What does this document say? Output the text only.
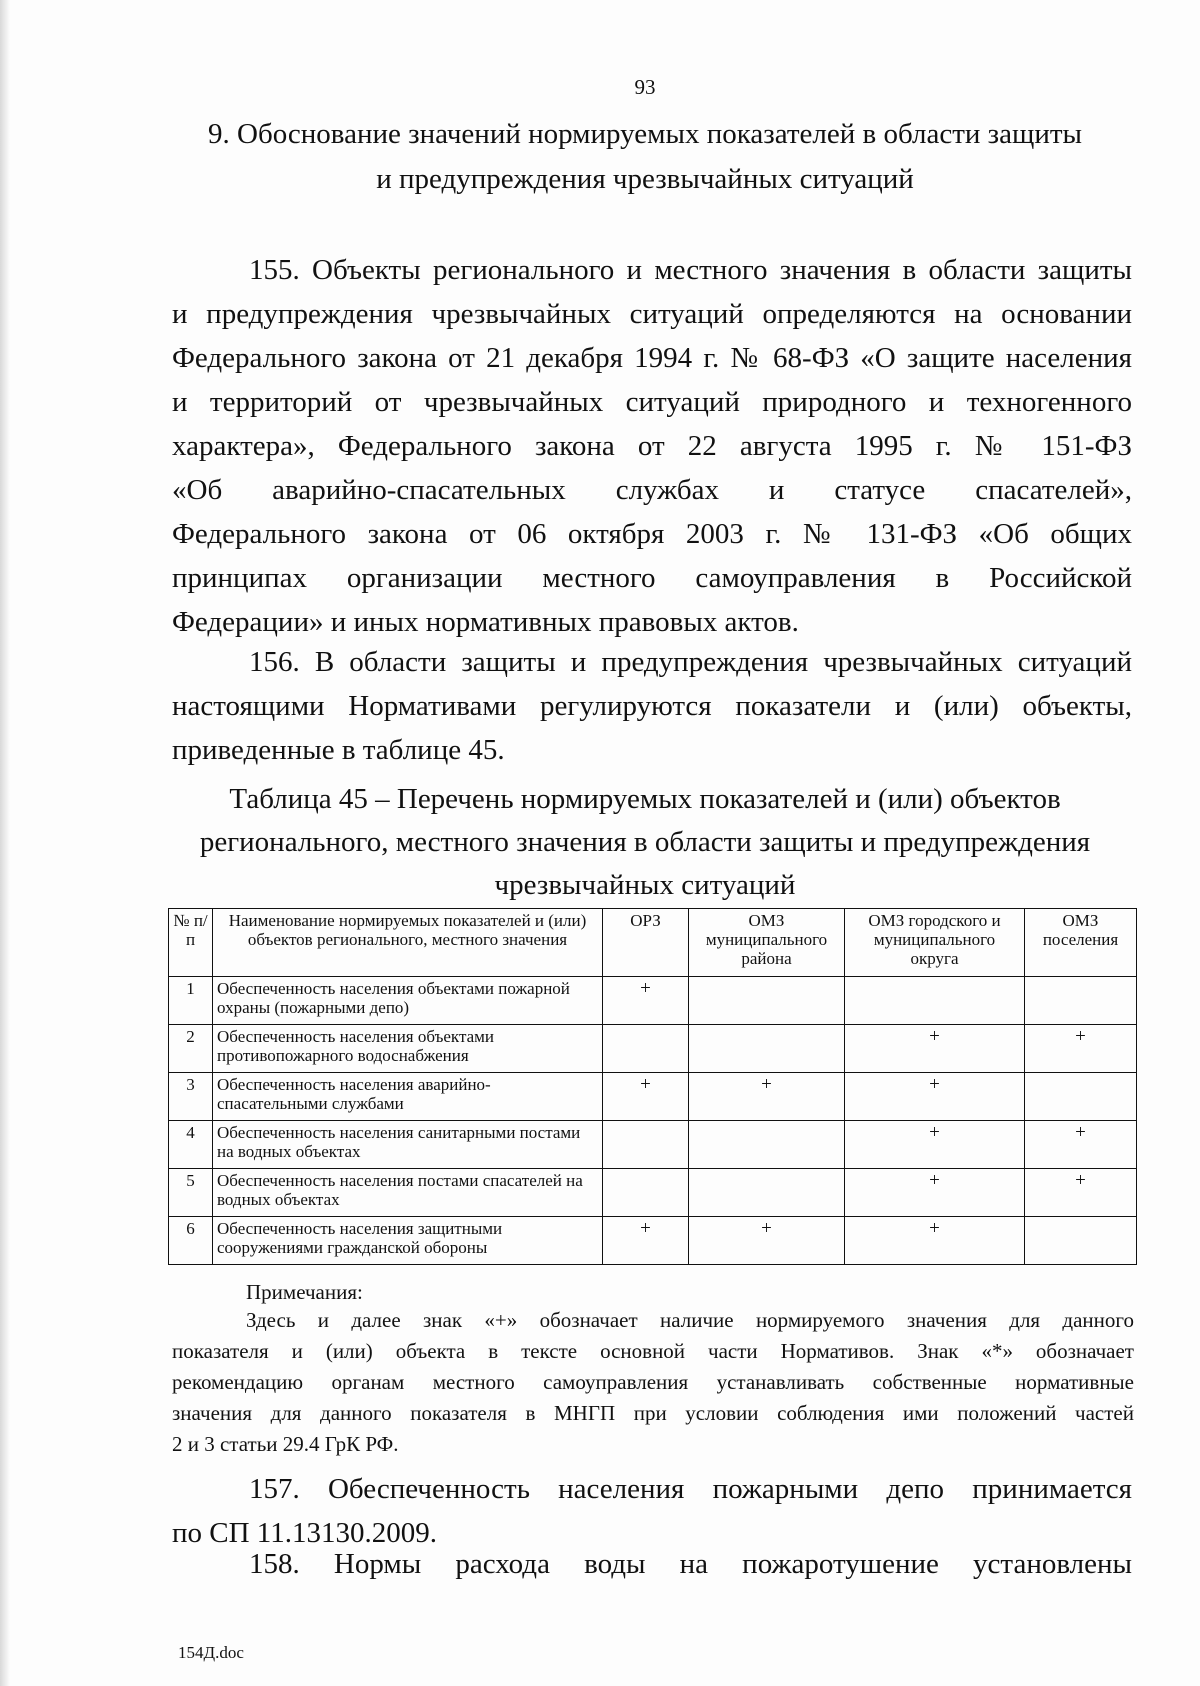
93
9. Обоснование значений нормируемых показателей в области защиты
и предупреждения чрезвычайных ситуаций
155. Объекты регионального и местного значения в области защиты
и предупреждения чрезвычайных ситуаций определяются на основании
Федерального закона от 21 декабря 1994 г. № 68-ФЗ «О защите населения
и территорий от чрезвычайных ситуаций природного и техногенного
характера», Федерального закона от 22 августа 1995 г. № 151-ФЗ
«Об аварийно-спасательных службах и статусе спасателей»,
Федерального закона от 06 октября 2003 г. № 131-ФЗ «Об общих
принципах организации местного самоуправления в Российской
Федерации» и иных нормативных правовых актов.
156. В области защиты и предупреждения чрезвычайных ситуаций
настоящими Нормативами регулируются показатели и (или) объекты,
приведенные в таблице 45.
Таблица 45 – Перечень нормируемых показателей и (или) объектов
регионального, местного значения в области защиты и предупреждения
чрезвычайных ситуаций
№ п/п	Наименование нормируемых показателей и (или) объектов регионального, местного значения	ОРЗ	ОМЗ муниципального района	ОМЗ городского и муниципального округа	ОМЗ поселения
1	Обеспеченность населения объектами пожарной охраны (пожарными депо)	+			
2	Обеспеченность населения объектами противопожарного водоснабжения			+	+
3	Обеспеченность населения аварийно-спасательными службами	+	+	+	
4	Обеспеченность населения санитарными постами на водных объектах			+	+
5	Обеспеченность населения постами спасателей на водных объектах			+	+
6	Обеспеченность населения защитными сооружениями гражданской обороны	+	+	+	
Примечания:
Здесь и далее знак «+» обозначает наличие нормируемого значения для данного
показателя и (или) объекта в тексте основной части Нормативов. Знак «*» обозначает
рекомендацию органам местного самоуправления устанавливать собственные нормативные
значения для данного показателя в МНГП при условии соблюдения ими положений частей
2 и 3 статьи 29.4 ГрК РФ.
157. Обеспеченность населения пожарными депо принимается
по СП 11.13130.2009.
158. Нормы расхода воды на пожаротушение установлены
154Д.doc
